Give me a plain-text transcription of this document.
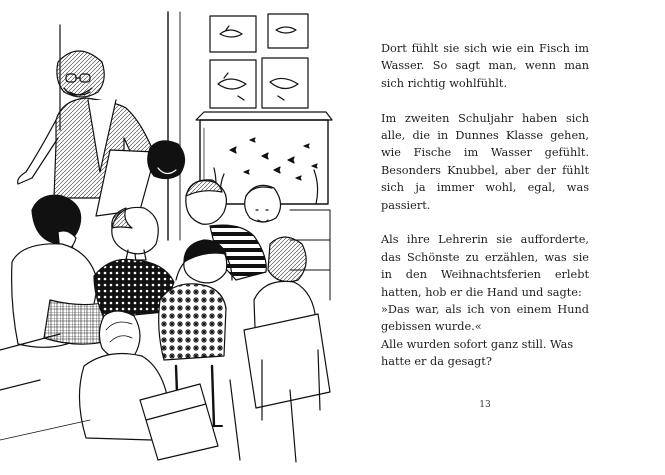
Dort fühlt sie sich wie ein Fisch im Wasser. So sagt man, wenn man sich richtig wohlfühlt.

Im zweiten Schuljahr haben sich alle, die in Dunnes Klasse gehen, wie Fische im Wasser gefühlt. Besonders Knubbel, aber der fühlt sich ja immer wohl, egal, was passiert.

Als ihre Lehrerin sie aufforderte, das Schönste zu erzählen, was sie in den Weihnachtsferien erlebt hatten, hob er die Hand und sagte:

»Das war, als ich von einem Hund gebissen wurde.«

Alle wurden sofort ganz still. Was hatte er da gesagt?

13
